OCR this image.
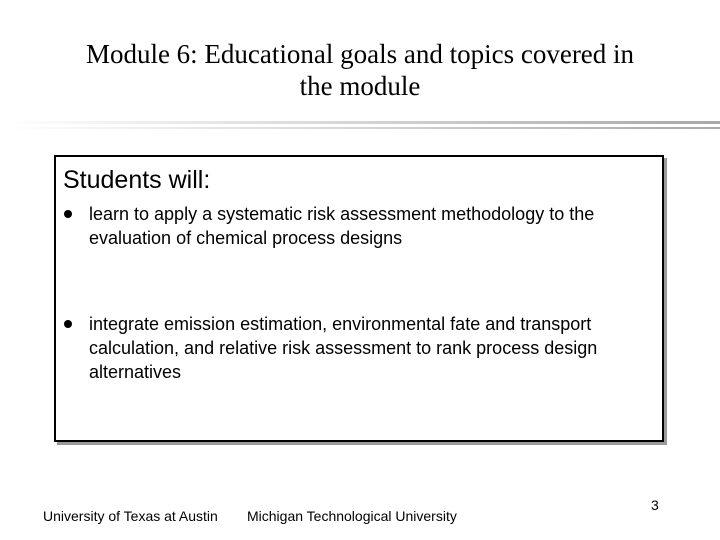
Module 6: Educational goals and topics covered in
the module
Students will:
learn to apply a systematic risk assessment methodology to the evaluation of chemical process designs
integrate emission estimation, environmental fate and transport calculation, and relative risk assessment to rank process design alternatives
University of Texas at Austin Michigan Technological University
3
